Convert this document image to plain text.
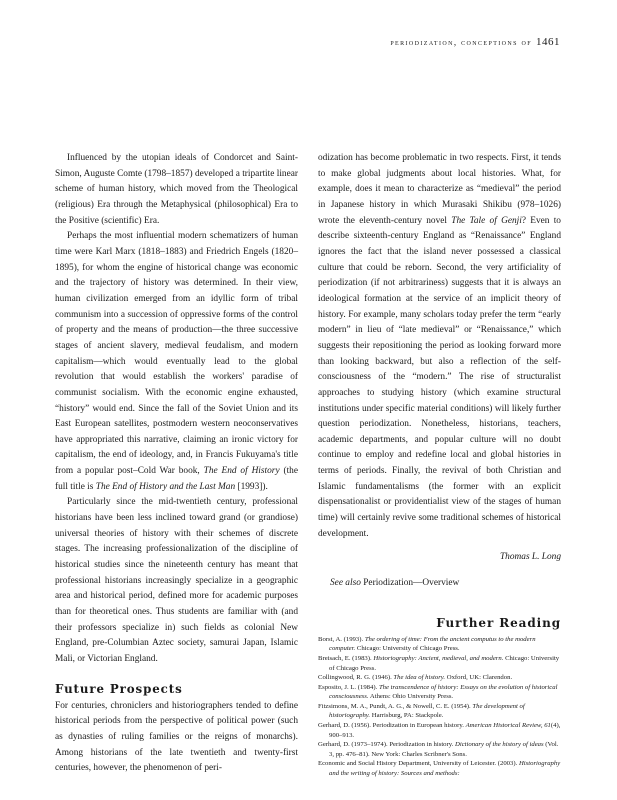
periodization, conceptions of 1461

Influenced by the utopian ideals of Condorcet and Saint-Simon, Auguste Comte (1798–1857) developed a tripartite linear scheme of human history, which moved from the Theological (religious) Era through the Metaphysical (philosophical) Era to the Positive (scientific) Era.

Perhaps the most influential modern schematizers of human time were Karl Marx (1818–1883) and Friedrich Engels (1820–1895), for whom the engine of historical change was economic and the trajectory of history was determined. In their view, human civilization emerged from an idyllic form of tribal communism into a succession of oppressive forms of the control of property and the means of production—the three successive stages of ancient slavery, medieval feudalism, and modern capitalism—which would eventually lead to the global revolution that would establish the workers' paradise of communist socialism. With the economic engine exhausted, “history” would end. Since the fall of the Soviet Union and its East European satellites, postmodern western neoconservatives have appropriated this narrative, claiming an ironic victory for capitalism, the end of ideology, and, in Francis Fukuyama's title from a popular post–Cold War book, The End of History (the full title is The End of History and the Last Man [1993]).

Particularly since the mid-twentieth century, professional historians have been less inclined toward grand (or grandiose) universal theories of history with their schemes of discrete stages. The increasing professionalization of the discipline of historical studies since the nineteenth century has meant that professional historians increasingly specialize in a geographic area and historical period, defined more for academic purposes than for theoretical ones. Thus students are familiar with (and their professors specialize in) such fields as colonial New England, pre-Columbian Aztec society, samurai Japan, Islamic Mali, or Victorian England.

Future Prospects

For centuries, chroniclers and historiographers tended to define historical periods from the perspective of political power (such as dynasties of ruling families or the reigns of monarchs). Among historians of the late twentieth and twenty-first centuries, however, the phenomenon of peri-

odization has become problematic in two respects. First, it tends to make global judgments about local histories. What, for example, does it mean to characterize as “medieval” the period in Japanese history in which Murasaki Shikibu (978–1026) wrote the eleventh-century novel The Tale of Genji? Even to describe sixteenth-century England as “Renaissance” England ignores the fact that the island never possessed a classical culture that could be reborn. Second, the very artificiality of periodization (if not arbitrariness) suggests that it is always an ideological formation at the service of an implicit theory of history. For example, many scholars today prefer the term “early modern” in lieu of “late medieval” or “Renaissance,” which suggests their repositioning the period as looking forward more than looking backward, but also a reflection of the self-consciousness of the “modern.” The rise of structuralist approaches to studying history (which examine structural institutions under specific material conditions) will likely further question periodization. Nonetheless, historians, teachers, academic departments, and popular culture will no doubt continue to employ and redefine local and global histories in terms of periods. Finally, the revival of both Christian and Islamic fundamentalisms (the former with an explicit dispensationalist or providentialist view of the stages of human time) will certainly revive some traditional schemes of historical development.

Thomas L. Long

See also Periodization—Overview

Further Reading
Borst, A. (1993). The ordering of time: From the ancient computus to the modern computer. Chicago: University of Chicago Press.
Breisach, E. (1983). Historiography: Ancient, medieval, and modern. Chicago: University of Chicago Press.
Collingwood, R. G. (1946). The idea of history. Oxford, UK: Clarendon.
Esposito, J. L. (1984). The transcendence of history: Essays on the evolution of historical consciousness. Athens: Ohio University Press.
Fitzsimons, M. A., Pundt, A. G., & Nowell, C. E. (1954). The development of historiography. Harrisburg, PA: Stackpole.
Gerhard, D. (1956). Periodization in European history. American Historical Review, 61(4), 900–913.
Gerhard, D. (1973–1974). Periodization in history. Dictionary of the history of ideas (Vol. 3, pp. 476–81). New York: Charles Scribner's Sons.
Economic and Social History Department, University of Leicester. (2003). Historiography and the writing of history: Sources and methods:
